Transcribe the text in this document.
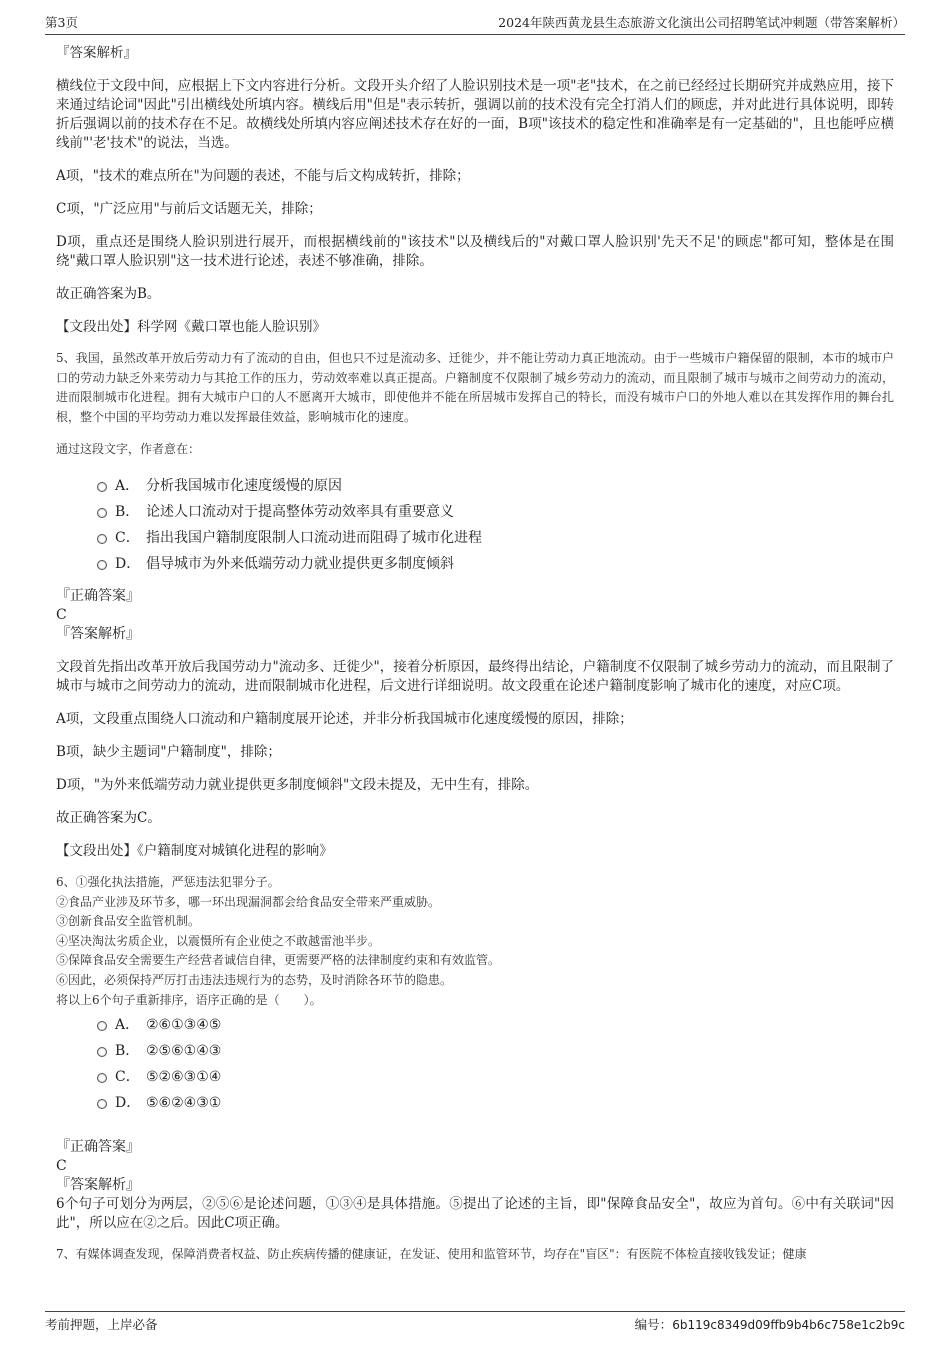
第3页	2024年陕西黄龙县生态旅游文化演出公司招聘笔试冲刺题（带答案解析）
『答案解析』

横线位于文段中间，应根据上下文内容进行分析。文段开头介绍了人脸识别技术是一项"老"技术，在之前已经经过长期研究并成熟应用，接下来通过结论词"因此"引出横线处所填内容。横线后用"但是"表示转折，强调以前的技术没有完全打消人们的顾虑，并对此进行具体说明，即转折后强调以前的技术存在不足。故横线处所填内容应阐述技术存在好的一面，B项"该技术的稳定性和准确率是有一定基础的"，且也能呼应横线前"'老'技术"的说法，当选。

A项，"技术的难点所在"为问题的表述，不能与后文构成转折，排除；

C项，"广泛应用"与前后文话题无关，排除；

D项，重点还是围绕人脸识别进行展开，而根据横线前的"该技术"以及横线后的"对戴口罩人脸识别'先天不足'的顾虑"都可知，整体是在围绕"戴口罩人脸识别"这一技术进行论述，表述不够准确，排除。

故正确答案为B。

【文段出处】科学网《戴口罩也能人脸识别》

5、我国，虽然改革开放后劳动力有了流动的自由，但也只不过是流动多、迁徙少，并不能让劳动力真正地流动。由于一些城市户籍保留的限制，本市的城市户口的劳动力缺乏外来劳动力与其抢工作的压力，劳动效率难以真正提高。户籍制度不仅限制了城乡劳动力的流动，而且限制了城市与城市之间劳动力的流动，进而限制城市化进程。拥有大城市户口的人不愿离开大城市，即使他并不能在所居城市发挥自己的特长，而没有城市户口的外地人难以在其发挥作用的舞台扎根，整个中国的平均劳动力难以发挥最佳效益，影响城市化的速度。

通过这段文字，作者意在：

A． 分析我国城市化速度缓慢的原因
B． 论述人口流动对于提高整体劳动效率具有重要意义
C． 指出我国户籍制度限制人口流动进而阻碍了城市化进程
D． 倡导城市为外来低端劳动力就业提供更多制度倾斜
『正确答案』
C
『答案解析』

文段首先指出改革开放后我国劳动力"流动多、迁徙少"，接着分析原因，最终得出结论，户籍制度不仅限制了城乡劳动力的流动，而且限制了城市与城市之间劳动力的流动，进而限制城市化进程，后文进行详细说明。故文段重在论述户籍制度影响了城市化的速度，对应C项。

A项，文段重点围绕人口流动和户籍制度展开论述，并非分析我国城市化速度缓慢的原因，排除；

B项，缺少主题词"户籍制度"，排除；

D项，"为外来低端劳动力就业提供更多制度倾斜"文段未提及，无中生有，排除。

故正确答案为C。

【文段出处】《户籍制度对城镇化进程的影响》

6、①强化执法措施，严惩违法犯罪分子。

②食品产业涉及环节多，哪一环出现漏洞都会给食品安全带来严重威胁。

③创新食品安全监管机制。

④坚决淘汰劣质企业，以震慑所有企业使之不敢越雷池半步。

⑤保障食品安全需要生产经营者诚信自律，更需要严格的法律制度约束和有效监管。

⑥因此，必须保持严厉打击违法违规行为的态势，及时消除各环节的隐患。

将以上6个句子重新排序，语序正确的是（　　）。

A． ②⑥①③④⑤
B． ②⑤⑥①④③
C． ⑤②⑥③①④
D． ⑤⑥②④③①
『正确答案』
C
『答案解析』

6个句子可划分为两层，②⑤⑥是论述问题，①③④是具体措施。⑤提出了论述的主旨，即"保障食品安全"，故应为首句。⑥中有关联词"因此"，所以应在②之后。因此C项正确。

7、有媒体调查发现，保障消费者权益、防止疾病传播的健康证，在发证、使用和监管环节，均存在"盲区"：有医院不体检直接收钱发证；健康

考前押题，上岸必备	编号：6b119c8349d09ffb9b4b6c758e1c2b9c
